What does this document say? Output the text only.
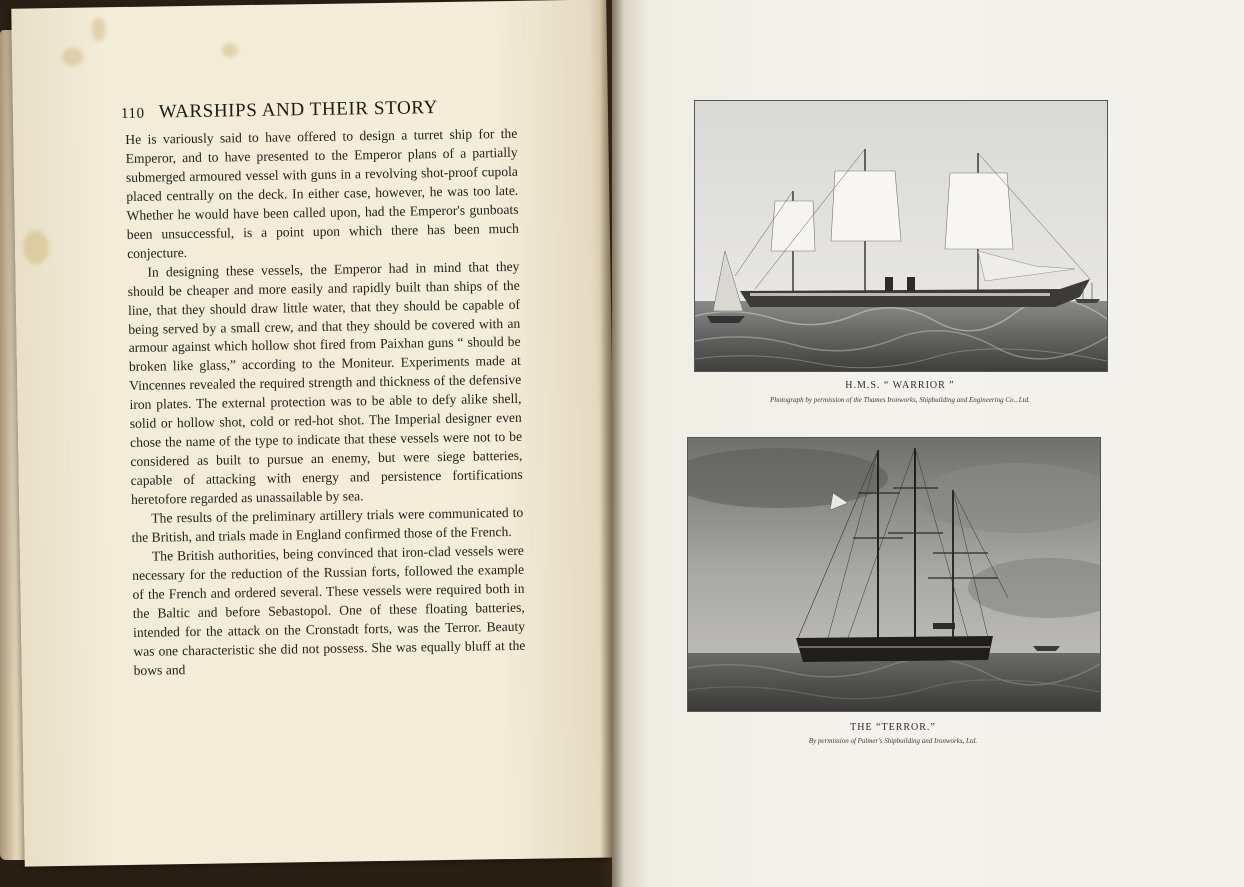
110 WARSHIPS AND THEIR STORY

He is variously said to have offered to design a turret ship for the Emperor, and to have presented to the Emperor plans of a partially submerged armoured vessel with guns in a revolving shot-proof cupola placed centrally on the deck. In either case, however, he was too late. Whether he would have been called upon, had the Emperor's gunboats been unsuccessful, is a point upon which there has been much conjecture.

In designing these vessels, the Emperor had in mind that they should be cheaper and more easily and rapidly built than ships of the line, that they should draw little water, that they should be capable of being served by a small crew, and that they should be covered with an armour against which hollow shot fired from Paixhan guns “ should be broken like glass,” according to the Moniteur. Experiments made at Vincennes revealed the required strength and thickness of the defensive iron plates. The external protection was to be able to defy alike shell, solid or hollow shot, cold or red-hot shot. The Imperial designer even chose the name of the type to indicate that these vessels were not to be considered as built to pursue an enemy, but were siege batteries, capable of attacking with energy and persistence fortifications heretofore regarded as unassailable by sea.

The results of the preliminary artillery trials were communicated to the British, and trials made in England confirmed those of the French.

The British authorities, being convinced that iron-clad vessels were necessary for the reduction of the Russian forts, followed the example of the French and ordered several. These vessels were required both in the Baltic and before Sebastopol. One of these floating batteries, intended for the attack on the Cronstadt forts, was the Terror. Beauty was one characteristic she did not possess. She was equally bluff at the bows and

H.M.S. “ WARRIOR ”
Photograph by permission of the Thames Ironworks, Shipbuilding and Engineering Co., Ltd.
THE “TERROR.”
By permission of Palmer's Shipbuilding and Ironworks, Ltd.
